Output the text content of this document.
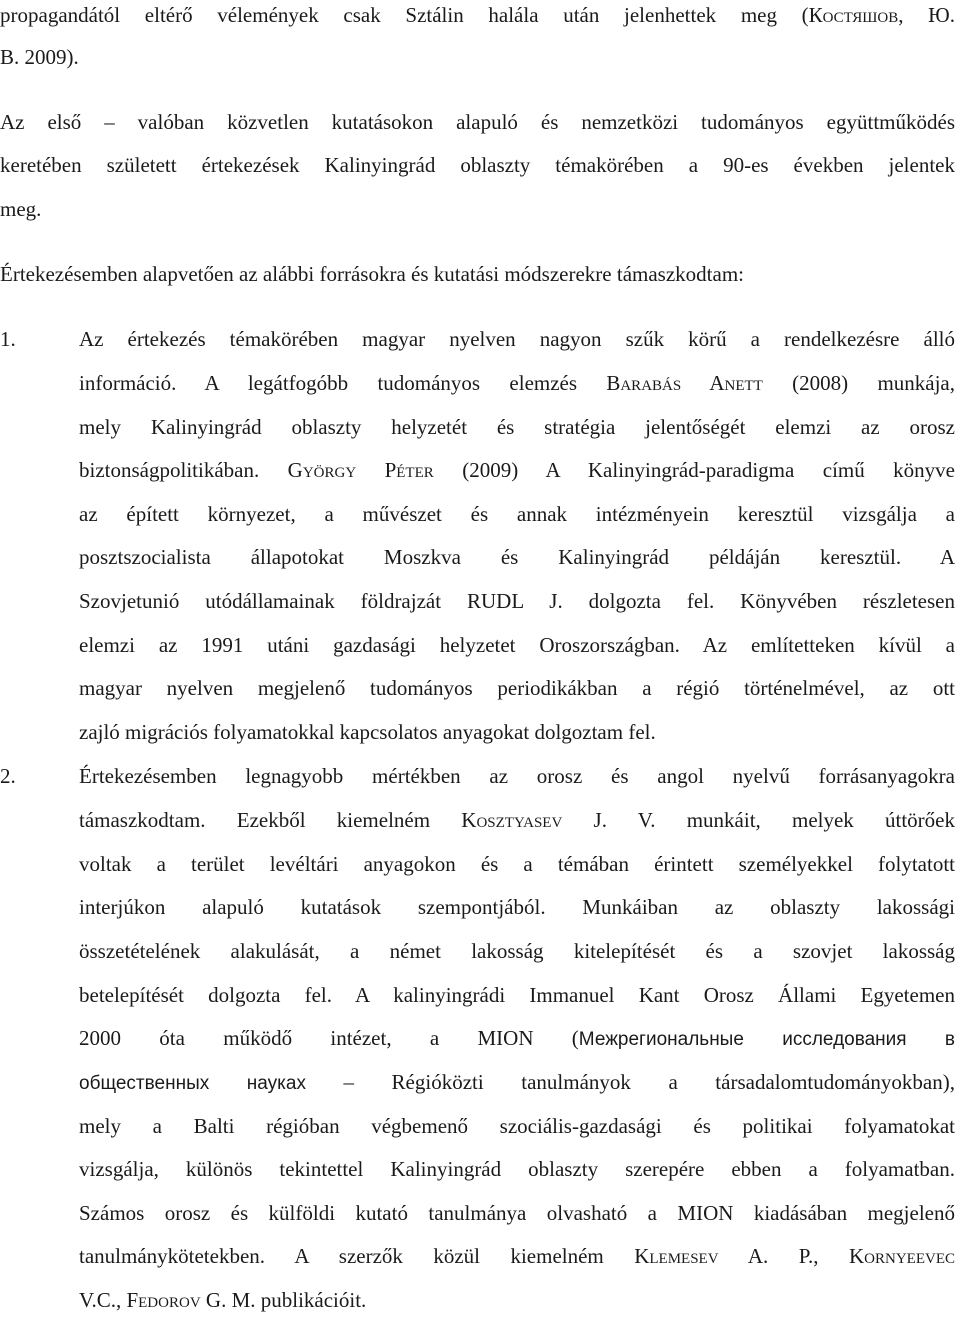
propagandától eltérő vélemények csak Sztálin halála után jelenhettek meg (Костяшов, Ю.
B. 2009).
Az első – valóban közvetlen kutatásokon alapuló és nemzetközi tudományos együttműködés
keretében született értekezések Kalinyingrád oblaszty témakörében a 90-es években jelentek
meg.
Értekezésemben alapvetően az alábbi forrásokra és kutatási módszerekre támaszkodtam:
1.	Az értekezés témakörében magyar nyelven nagyon szűk körű a rendelkezésre álló
információ. A legátfogóbb tudományos elemzés Barabás Anett (2008) munkája,
mely Kalinyingrád oblaszty helyzetét és stratégia jelentőségét elemzi az orosz
biztonságpolitikában. György Péter (2009) A Kalinyingrád-paradigma című könyve
az épített környezet, a művészet és annak intézményein keresztül vizsgálja a
posztszocialista állapotokat Moszkva és Kalinyingrád példáján keresztül. A
Szovjetunió utódállamainak földrajzát RUDL J. dolgozta fel. Könyvében részletesen
elemzi az 1991 utáni gazdasági helyzetet Oroszországban. Az említetteken kívül a
magyar nyelven megjelenő tudományos periodikákban a régió történelmével, az ott
zajló migrációs folyamatokkal kapcsolatos anyagokat dolgoztam fel.
2.	Értekezésemben legnagyobb mértékben az orosz és angol nyelvű forrásanyagokra
támaszkodtam. Ezekből kiemelném Kosztyasev J. V. munkáit, melyek úttörőek
voltak a terület levéltári anyagokon és a témában érintett személyekkel folytatott
interjúkon alapuló kutatások szempontjából. Munkáiban az oblaszty lakossági
összetételének alakulását, a német lakosság kitelepítését és a szovjet lakosság
betelepítését dolgozta fel. A kalinyingrádi Immanuel Kant Orosz Állami Egyetemen
2000 óta működő intézet, a MION (Межрегиональные исследования в
общественных науках – Régióközti tanulmányok a társadalomtudományokban),
mely a Balti régióban végbemenő szociális-gazdasági és politikai folyamatokat
vizsgálja, különös tekintettel Kalinyingrád oblaszty szerepére ebben a folyamatban.
Számos orosz és külföldi kutató tanulmánya olvasható a MION kiadásában megjelenő
tanulmánykötetekben. A szerzők közül kiemelném Klemesev A. P., Kornyeevec
V.C., Fedorov G. M. publikációit.
